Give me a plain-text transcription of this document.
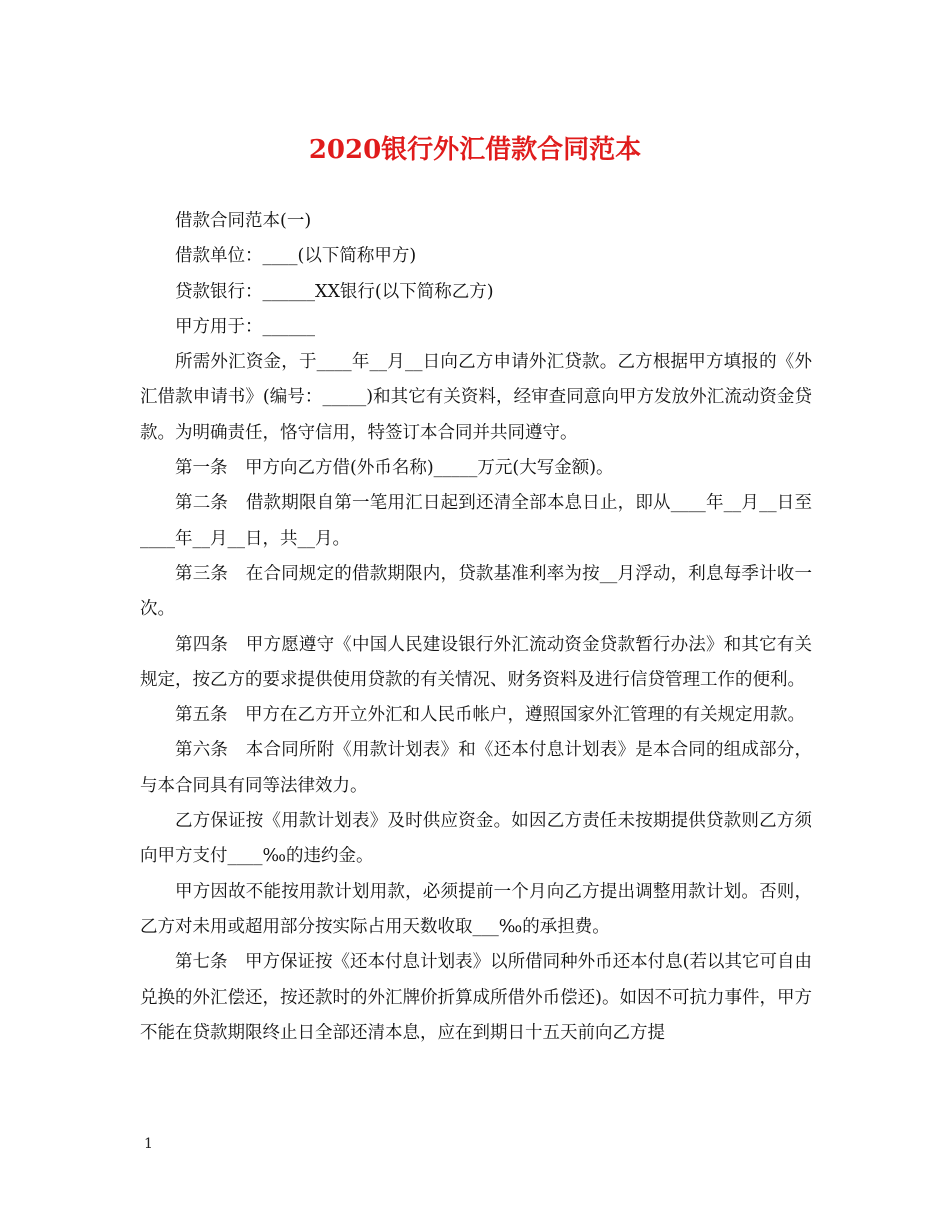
2020银行外汇借款合同范本

借款合同范本(一)

借款单位：____(以下简称甲方)

贷款银行：______XX银行(以下简称乙方)

甲方用于：______

所需外汇资金，于____年__月__日向乙方申请外汇贷款。乙方根据甲方填报的《外汇借款申请书》(编号：_____)和其它有关资料，经审查同意向甲方发放外汇流动资金贷款。为明确责任，恪守信用，特签订本合同并共同遵守。

第一条　甲方向乙方借(外币名称)_____万元(大写金额)。

第二条　借款期限自第一笔用汇日起到还清全部本息日止，即从____年__月__日至____年__月__日，共__月。

第三条　在合同规定的借款期限内，贷款基准利率为按__月浮动，利息每季计收一次。

第四条　甲方愿遵守《中国人民建设银行外汇流动资金贷款暂行办法》和其它有关规定，按乙方的要求提供使用贷款的有关情况、财务资料及进行信贷管理工作的便利。

第五条　甲方在乙方开立外汇和人民币帐户，遵照国家外汇管理的有关规定用款。

第六条　本合同所附《用款计划表》和《还本付息计划表》是本合同的组成部分，与本合同具有同等法律效力。

乙方保证按《用款计划表》及时供应资金。如因乙方责任未按期提供贷款则乙方须向甲方支付____‰的违约金。

甲方因故不能按用款计划用款，必须提前一个月向乙方提出调整用款计划。否则，乙方对未用或超用部分按实际占用天数收取___‰的承担费。

第七条　甲方保证按《还本付息计划表》以所借同种外币还本付息(若以其它可自由兑换的外汇偿还，按还款时的外汇牌价折算成所借外币偿还)。如因不可抗力事件，甲方不能在贷款期限终止日全部还清本息，应在到期日十五天前向乙方提

1
